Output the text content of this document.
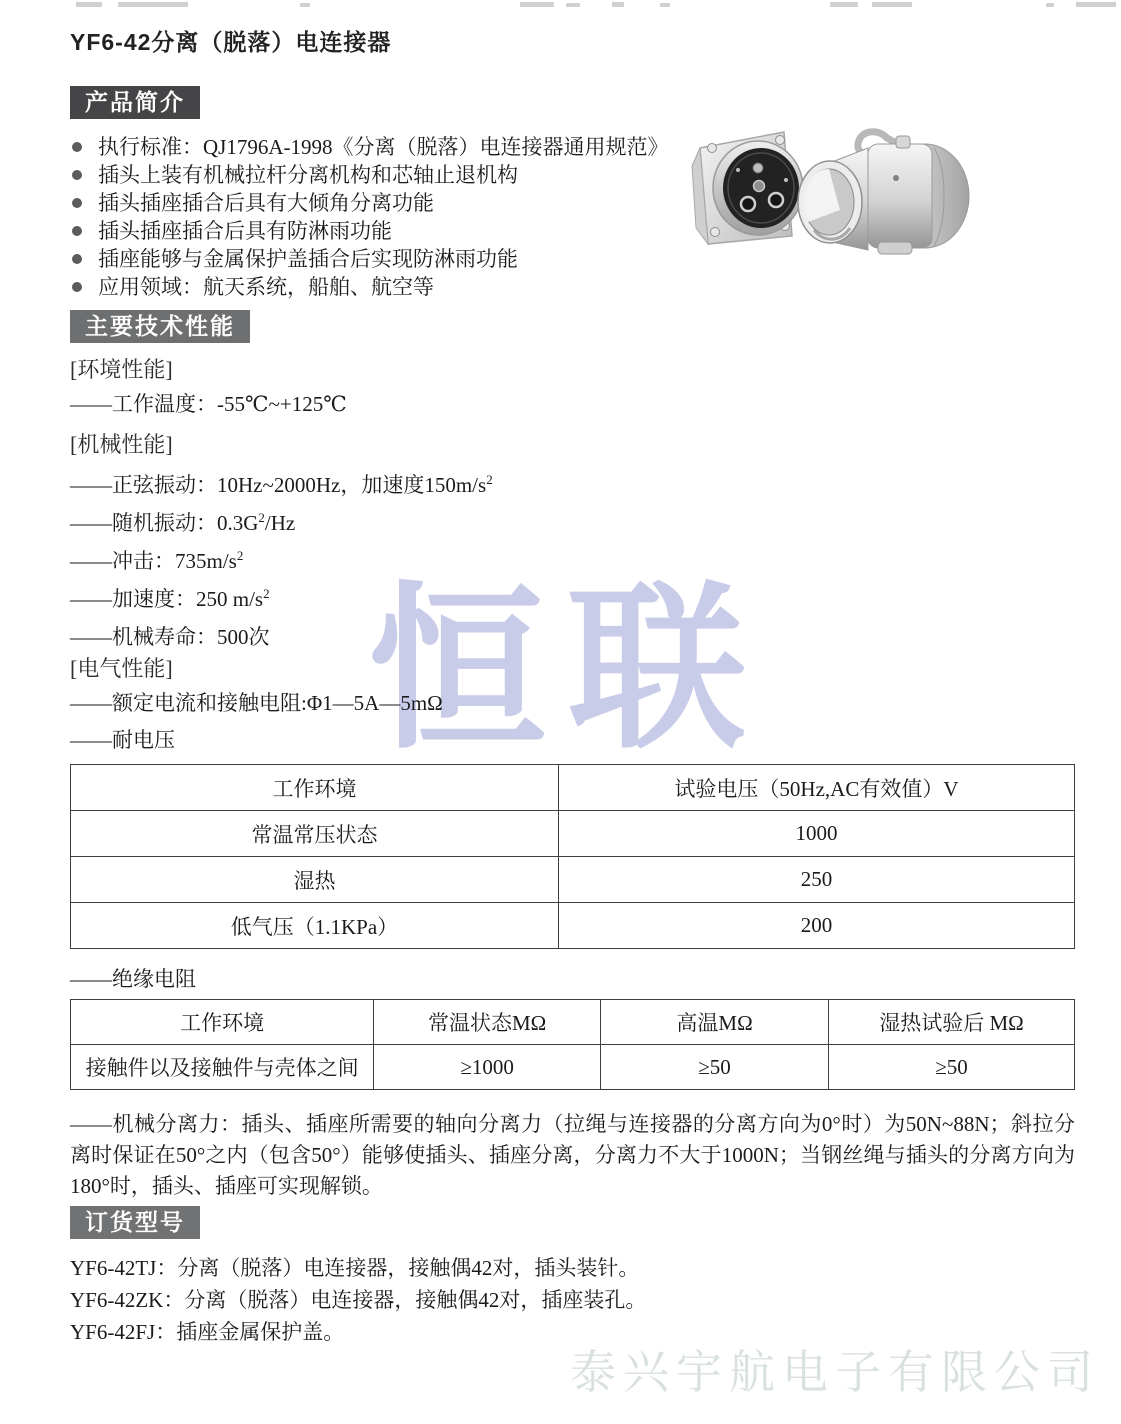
恒联
泰兴宇航电子有限公司
YF6-42分离（脱落）电连接器
产品简介
执行标准：QJ1796A-1998《分离（脱落）电连接器通用规范》
插头上装有机械拉杆分离机构和芯轴止退机构
插头插座插合后具有大倾角分离功能
插头插座插合后具有防淋雨功能
插座能够与金属保护盖插合后实现防淋雨功能
应用领域：航天系统，船舶、航空等
主要技术性能

[环境性能]

——工作温度：-55℃~+125℃

[机械性能]

——正弦振动：10Hz~2000Hz，加速度$150m/s^2$

——随机振动：$0.3G^2/Hz$

——冲击：$735m/s^2$

——加速度：250 $m/s^2$

——机械寿命：500次

[电气性能]

——额定电流和接触电阻:Φ1—5A—5mΩ

——耐电压

工作环境	试验电压（50Hz,AC有效值）V
常温常压状态	1000
湿热	250
低气压（1.1KPa）	200

——绝缘电阻

工作环境	常温状态MΩ	高温MΩ	湿热试验后 MΩ
接触件以及接触件与壳体之间	≥1000	≥50	≥50

——机械分离力：插头、插座所需要的轴向分离力（拉绳与连接器的分离方向为0°时）为50N~88N；斜拉分离时保证在50°之内（包含50°）能够使插头、插座分离，分离力不大于1000N；当钢丝绳与插头的分离方向为180°时，插头、插座可实现解锁。

订货型号

YF6-42TJ：分离（脱落）电连接器，接触偶42对，插头装针。

YF6-42ZK：分离（脱落）电连接器，接触偶42对，插座装孔。

YF6-42FJ：插座金属保护盖。
